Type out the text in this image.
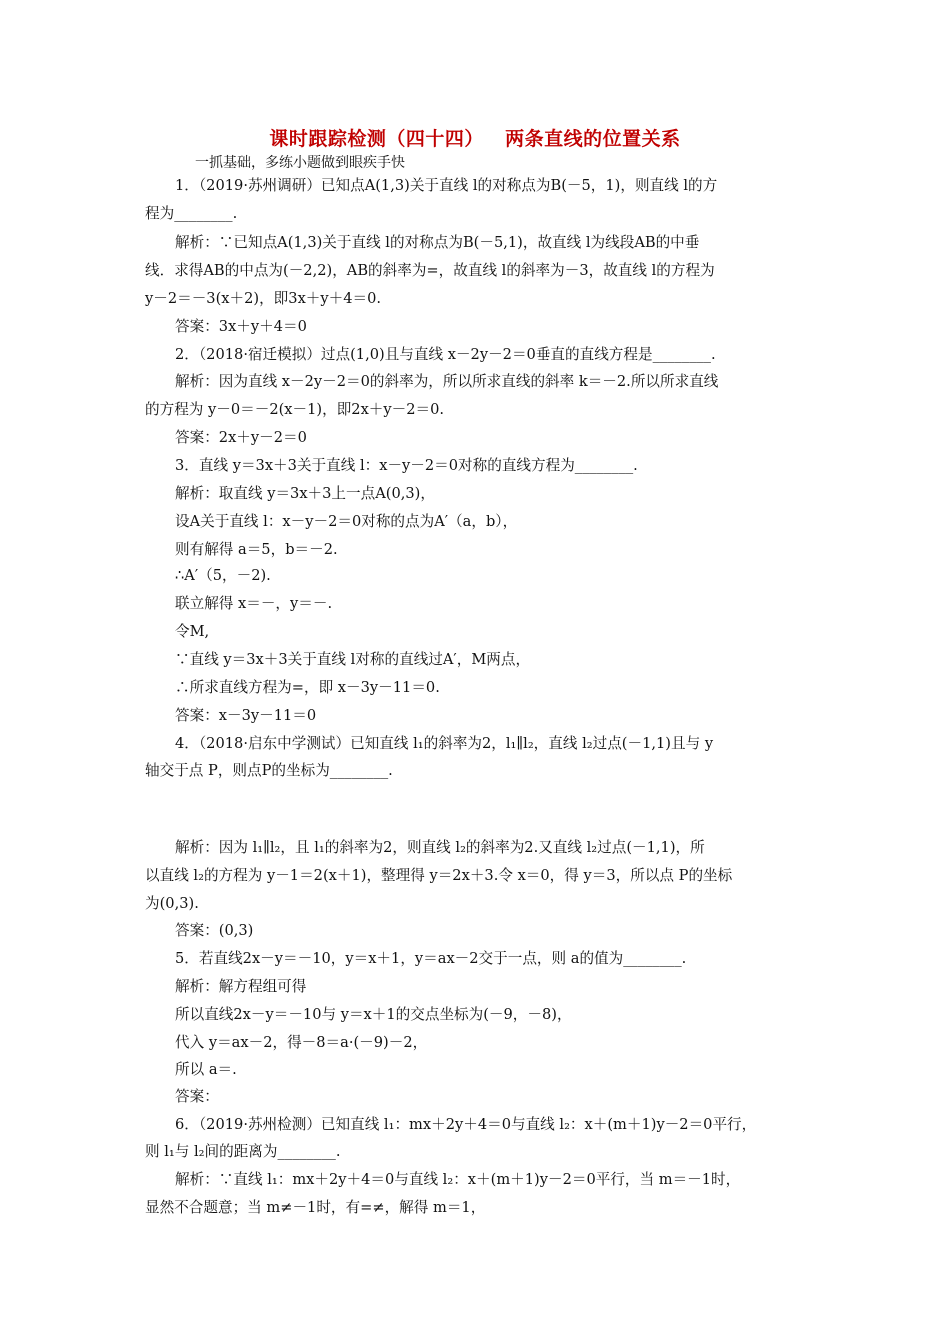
课时跟踪检测（四十四）   两条直线的位置关系
一抓基础，多练小题做到眼疾手快
1．（2019·苏州调研）已知点A(1,3)关于直线 l的对称点为B(－5，1)，则直线 l的方
程为________.
解析：∵已知点A(1,3)关于直线 l的对称点为B(－5,1)，故直线 l为线段AB的中垂
线．求得AB的中点为(－2,2)，AB的斜率为=，故直线 l的斜率为－3，故直线 l的方程为
y－2＝－3(x＋2)，即3x＋y＋4＝0.
答案：3x＋y＋4＝0
2．（2018·宿迁模拟）过点(1,0)且与直线 x－2y－2＝0垂直的直线方程是________.
解析：因为直线 x－2y－2＝0的斜率为，所以所求直线的斜率 k＝－2.所以所求直线
的方程为 y－0＝－2(x－1)，即2x＋y－2＝0.
答案：2x＋y－2＝0
3．直线 y＝3x＋3关于直线 l：x－y－2＝0对称的直线方程为________.
解析：取直线 y＝3x＋3上一点A(0,3)，
设A关于直线 l：x－y－2＝0对称的点为A′（a，b），
则有解得 a＝5，b＝－2.
∴A′（5，－2).
联立解得 x＝－，y＝－.
令M,
∵直线 y＝3x＋3关于直线 l对称的直线过A′，M两点，
∴所求直线方程为=，即 x－3y－11＝0.
答案：x－3y－11＝0
4．（2018·启东中学测试）已知直线 l₁的斜率为2，l₁∥l₂，直线 l₂过点(－1,1)且与 y
轴交于点 P，则点P的坐标为________.
解析：因为 l₁∥l₂，且 l₁的斜率为2，则直线 l₂的斜率为2.又直线 l₂过点(－1,1)，所
以直线 l₂的方程为 y－1＝2(x＋1)，整理得 y＝2x＋3.令 x＝0，得 y＝3，所以点 P的坐标
为(0,3).
答案：(0,3)
5．若直线2x－y＝－10，y＝x＋1，y＝ax－2交于一点，则 a的值为________.
解析：解方程组可得
所以直线2x－y＝－10与 y＝x＋1的交点坐标为(－9，－8)，
代入 y＝ax－2，得－8＝a·(－9)－2，
所以 a＝.
答案：
6．（2019·苏州检测）已知直线 l₁：mx＋2y＋4＝0与直线 l₂：x＋(m＋1)y－2＝0平行，
则 l₁与 l₂间的距离为________.
解析：∵直线 l₁：mx＋2y＋4＝0与直线 l₂：x＋(m＋1)y－2＝0平行，当 m＝－1时，
显然不合题意；当 m≠－1时，有=≠，解得 m＝1，
